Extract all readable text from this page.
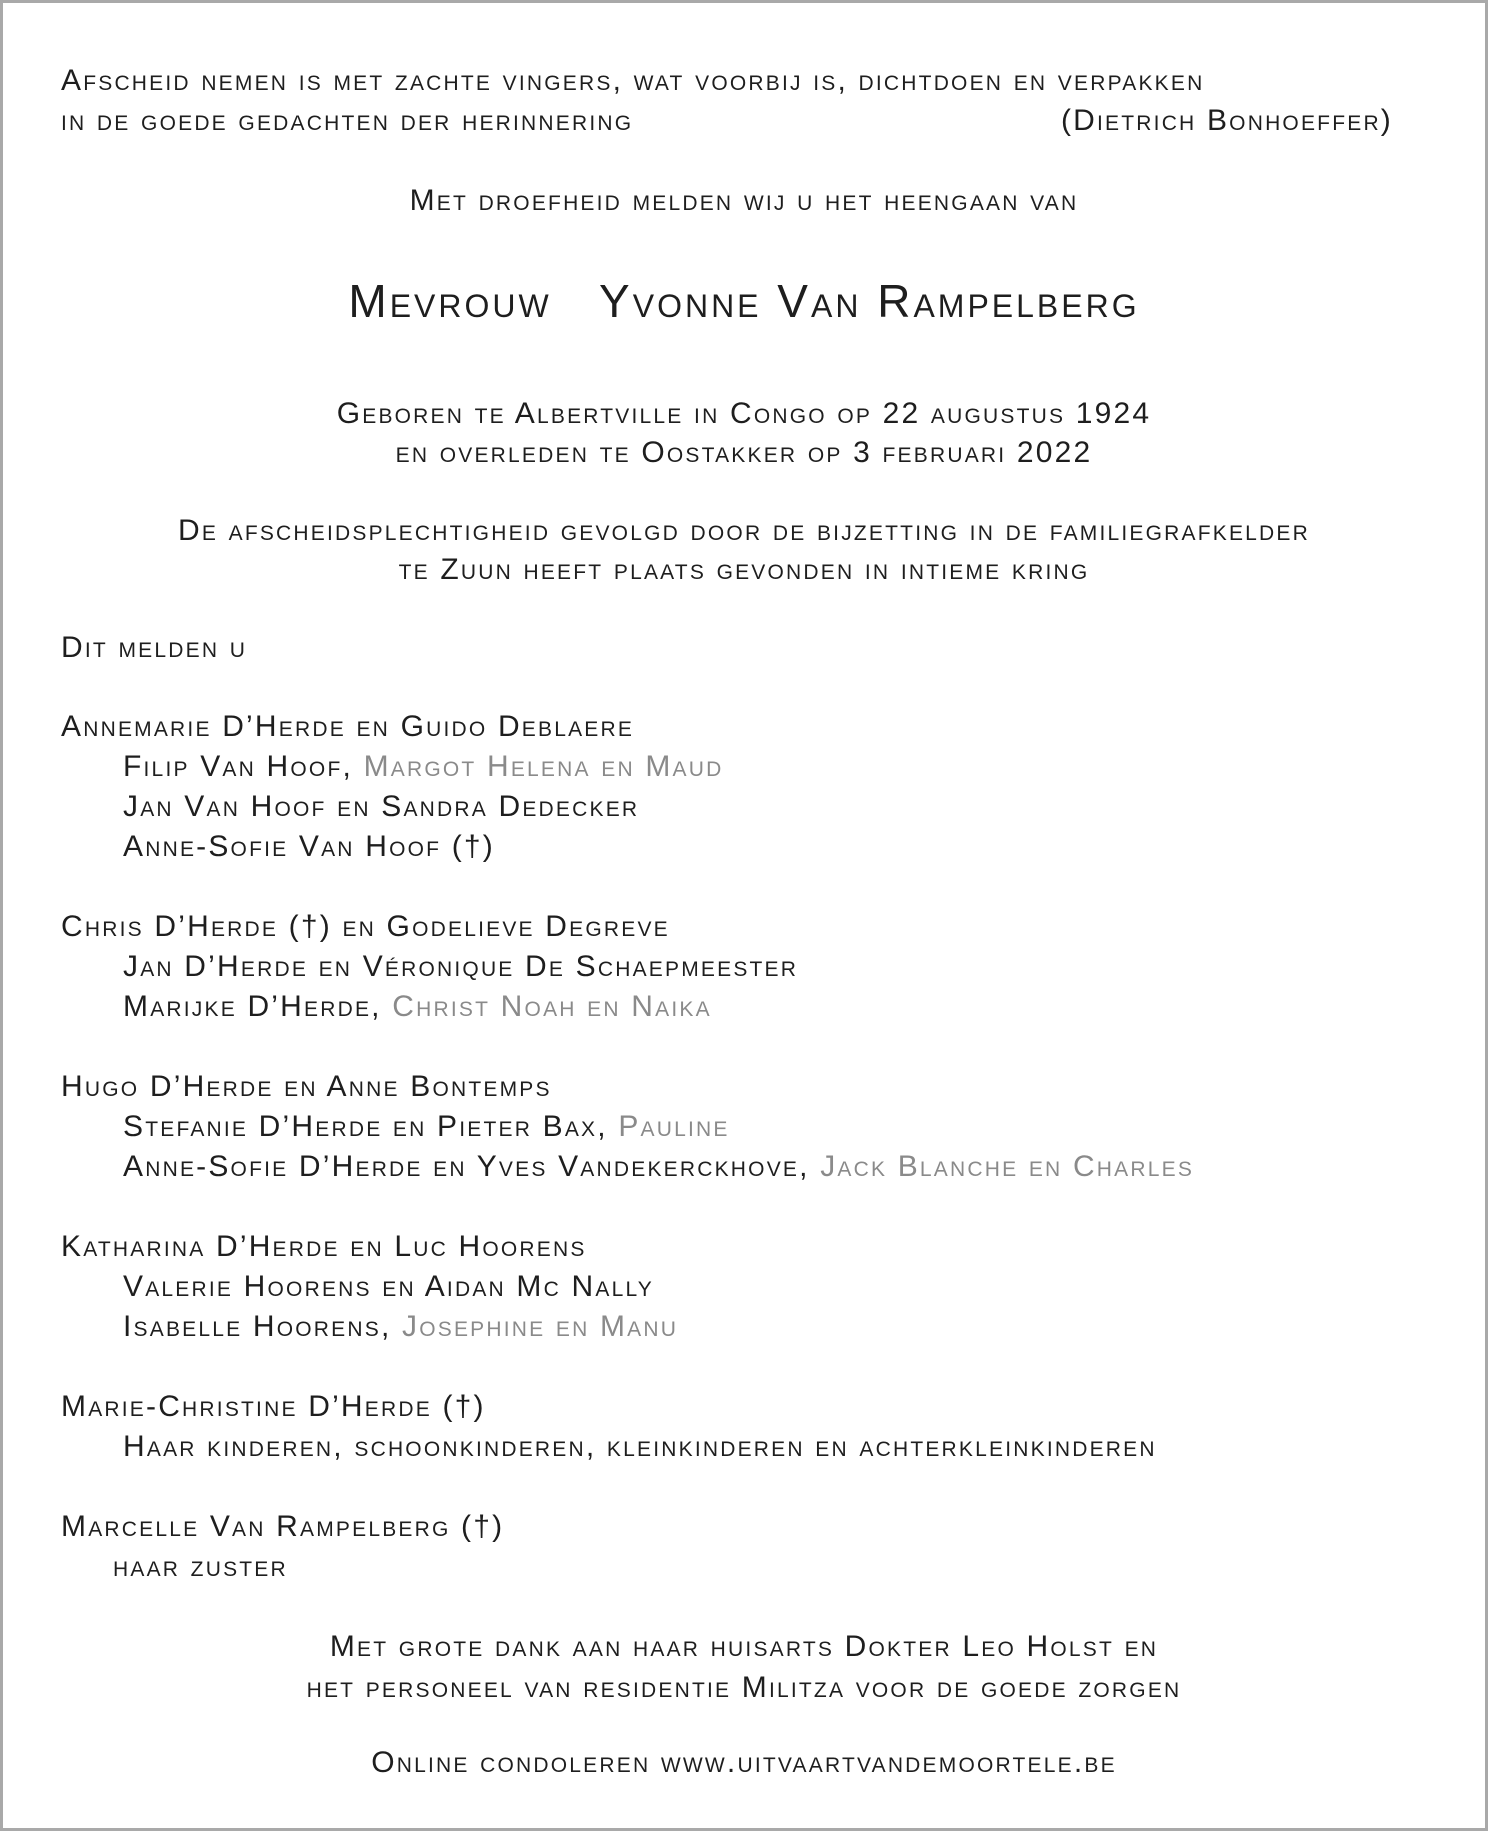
Afscheid nemen is met zachte vingers, wat voorbij is, dichtdoen en verpakken
in de goede gedachten der herinnering	(Dietrich Bonhoeffer)
Met droefheid melden wij u het heengaan van
Mevrouw Yvonne Van Rampelberg
Geboren te Albertville in Congo op 22 augustus 1924
en overleden te Oostakker op 3 februari 2022
De afscheidsplechtigheid gevolgd door de bijzetting in de familiegrafkelder
te Zuun heeft plaats gevonden in intieme kring
Dit melden u
Annemarie D’Herde en Guido Deblaere
Filip Van Hoof, Margot Helena en Maud
Jan Van Hoof en Sandra Dedecker
Anne-Sofie Van Hoof (†)
Chris D’Herde (†) en Godelieve Degreve
Jan D’Herde en Véronique De Schaepmeester
Marijke D’Herde, Christ Noah en Naika
Hugo D’Herde en Anne Bontemps
Stefanie D’Herde en Pieter Bax, Pauline
Anne-Sofie D’Herde en Yves Vandekerckhove, Jack Blanche en Charles
Katharina D’Herde en Luc Hoorens
Valerie Hoorens en Aidan Mc Nally
Isabelle Hoorens, Josephine en Manu
Marie-Christine D’Herde (†)
Haar kinderen, schoonkinderen, kleinkinderen en achterkleinkinderen
Marcelle Van Rampelberg (†)
haar zuster
Met grote dank aan haar huisarts Dokter Leo Holst en
het personeel van residentie Militza voor de goede zorgen
Online condoleren www.uitvaartvandemoortele.be
